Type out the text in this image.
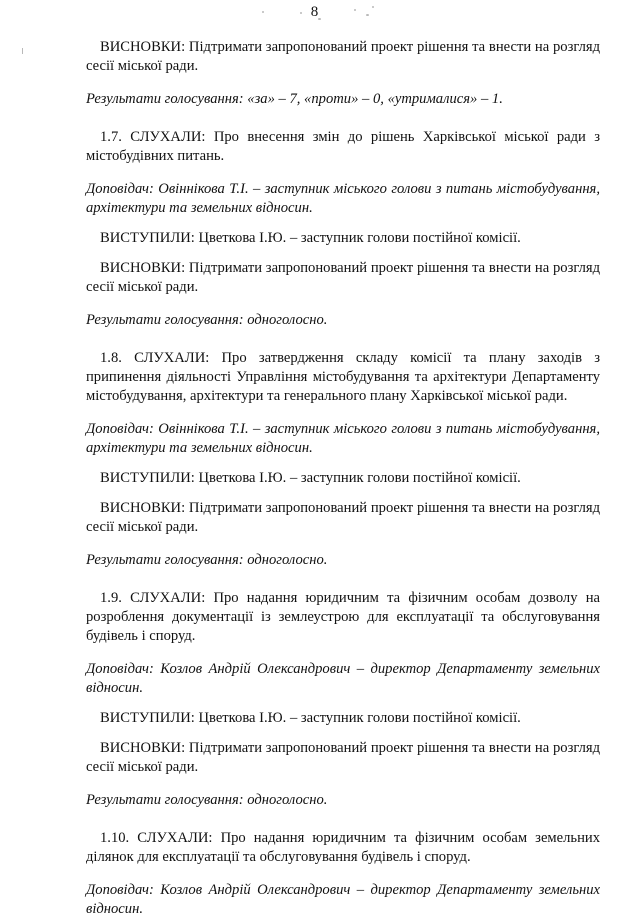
8

ВИСНОВКИ: Підтримати запропонований проект рішення та внести на розгляд сесії міської ради.

Результати голосування: «за» – 7, «проти» – 0, «утрималися» – 1.

1.7. СЛУХАЛИ: Про внесення змін до рішень Харківської міської ради з містобудівних питань.

Доповідач: Овіннікова Т.І. – заступник міського голови з питань містобудування, архітектури та земельних відносин.

ВИСТУПИЛИ: Цветкова І.Ю. – заступник голови постійної комісії.

ВИСНОВКИ: Підтримати запропонований проект рішення та внести на розгляд сесії міської ради.

Результати голосування: одноголосно.

1.8. СЛУХАЛИ: Про затвердження складу комісії та плану заходів з припинення діяльності Управління містобудування та архітектури Департаменту містобудування, архітектури та генерального плану Харківської міської ради.

Доповідач: Овіннікова Т.І. – заступник міського голови з питань містобудування, архітектури та земельних відносин.

ВИСТУПИЛИ: Цветкова І.Ю. – заступник голови постійної комісії.

ВИСНОВКИ: Підтримати запропонований проект рішення та внести на розгляд сесії міської ради.

Результати голосування: одноголосно.

1.9. СЛУХАЛИ: Про надання юридичним та фізичним особам дозволу на розроблення документації із землеустрою для експлуатації та обслуговування будівель і споруд.

Доповідач: Козлов Андрій Олександрович – директор Департаменту земельних відносин.

ВИСТУПИЛИ: Цветкова І.Ю. – заступник голови постійної комісії.

ВИСНОВКИ: Підтримати запропонований проект рішення та внести на розгляд сесії міської ради.

Результати голосування: одноголосно.

1.10. СЛУХАЛИ: Про надання юридичним та фізичним особам земельних ділянок для експлуатації та обслуговування будівель і споруд.

Доповідач: Козлов Андрій Олександрович – директор Департаменту земельних відносин.
